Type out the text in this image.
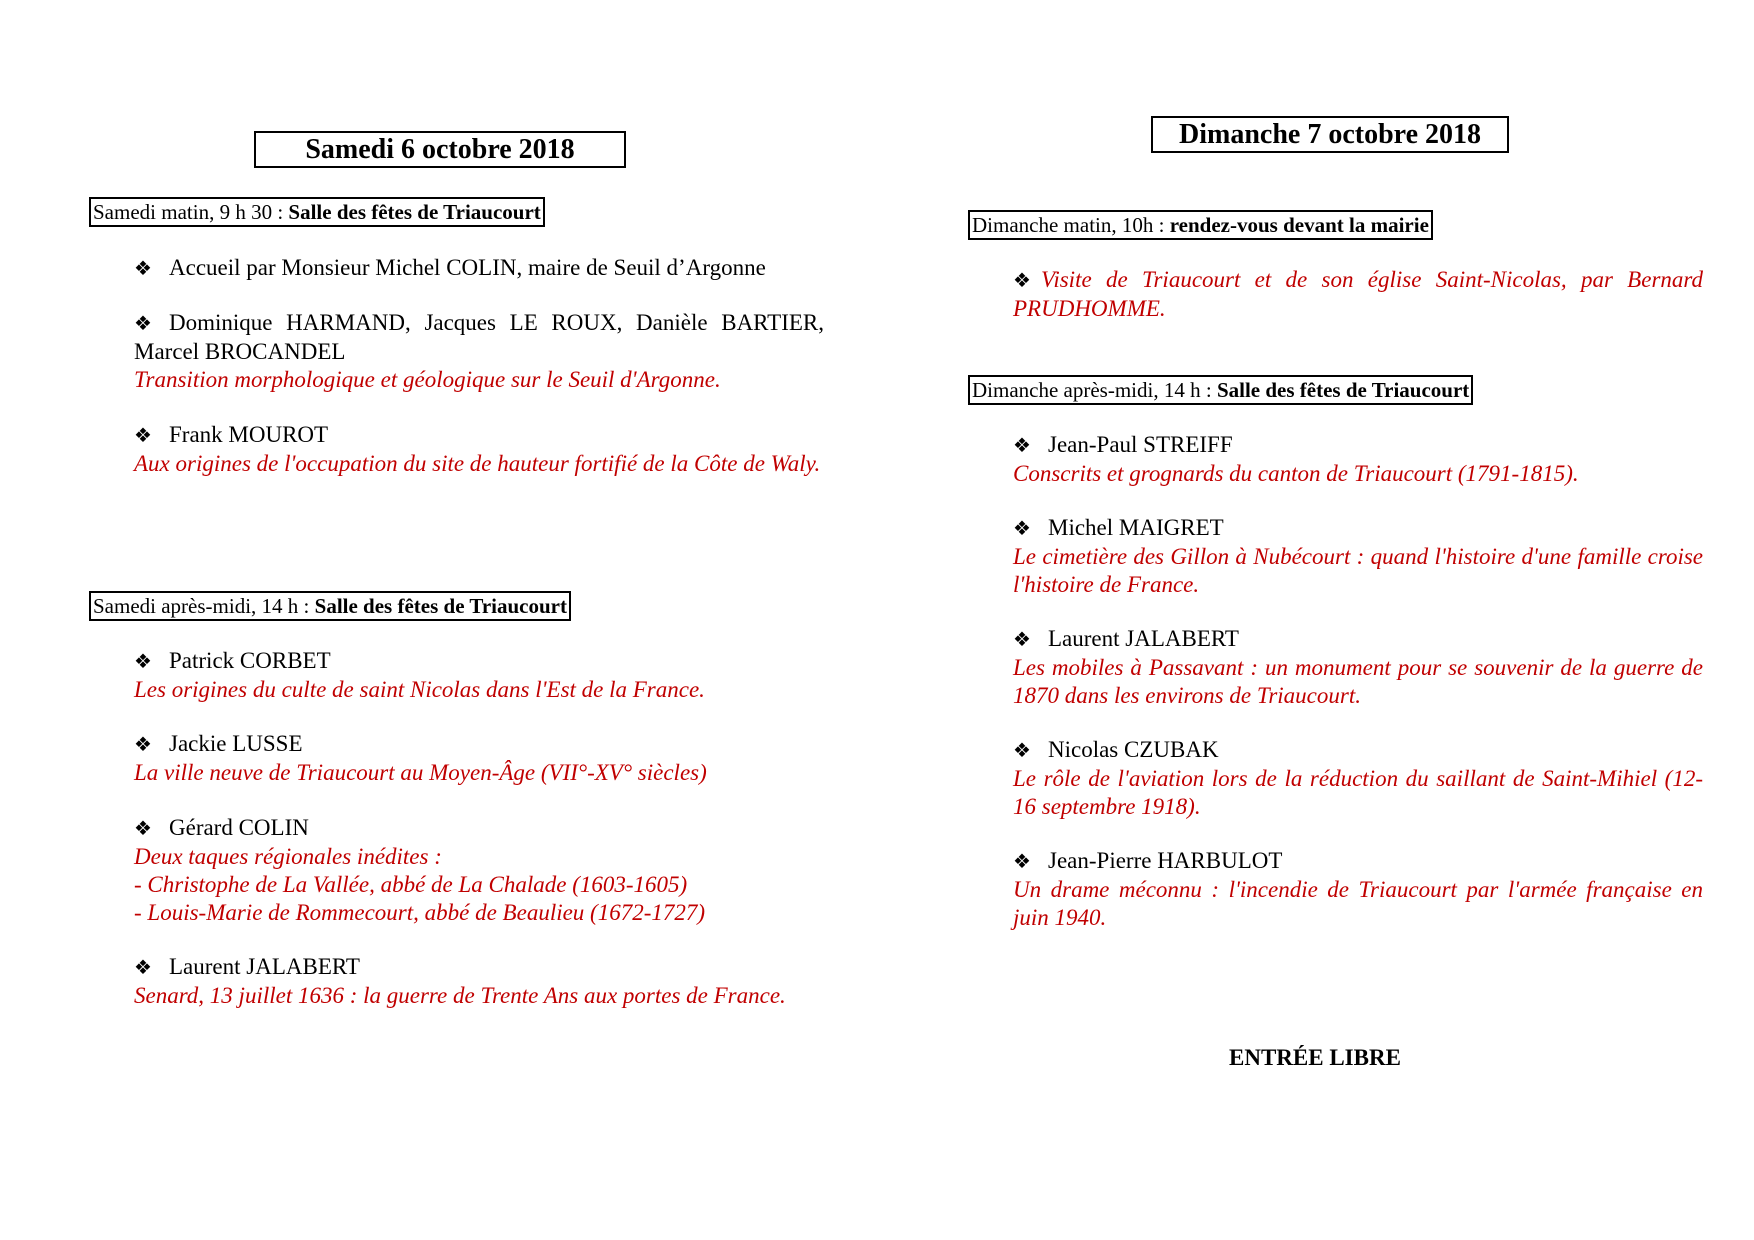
Samedi 6 octobre 2018
Samedi matin, 9 h 30 : Salle des fêtes de Triaucourt
❖ Accueil par Monsieur Michel COLIN, maire de Seuil d’Argonne
❖ Dominique HARMAND, Jacques LE ROUX, Danièle BARTIER, Marcel BROCANDEL
Transition morphologique et géologique sur le Seuil d'Argonne.
❖ Frank MOUROT
Aux origines de l'occupation du site de hauteur fortifié de la Côte de Waly.
Samedi après-midi, 14 h : Salle des fêtes de Triaucourt
❖ Patrick CORBET
Les origines du culte de saint Nicolas dans l'Est de la France.
❖ Jackie LUSSE
La ville neuve de Triaucourt au Moyen-Âge (VII°-XV° siècles)
❖ Gérard COLIN
Deux taques régionales inédites :
- Christophe de La Vallée, abbé de La Chalade (1603-1605)
- Louis-Marie de Rommecourt, abbé de Beaulieu (1672-1727)
❖ Laurent JALABERT
Senard, 13 juillet 1636 : la guerre de Trente Ans aux portes de France.
Dimanche 7 octobre 2018
Dimanche matin, 10h : rendez-vous devant la mairie
❖ Visite de Triaucourt et de son église Saint-Nicolas, par Bernard PRUDHOMME.
Dimanche après-midi, 14 h : Salle des fêtes de Triaucourt
❖ Jean-Paul STREIFF
Conscrits et grognards du canton de Triaucourt (1791-1815).
❖ Michel MAIGRET
Le cimetière des Gillon à Nubécourt : quand l'histoire d'une famille croise l'histoire de France.
❖ Laurent JALABERT
Les mobiles à Passavant : un monument pour se souvenir de la guerre de 1870 dans les environs de Triaucourt.
❖ Nicolas CZUBAK
Le rôle de l'aviation lors de la réduction du saillant de Saint-Mihiel (12-16 septembre 1918).
❖ Jean-Pierre HARBULOT
Un drame méconnu : l'incendie de Triaucourt par l'armée française en juin 1940.
ENTRÉE LIBRE
